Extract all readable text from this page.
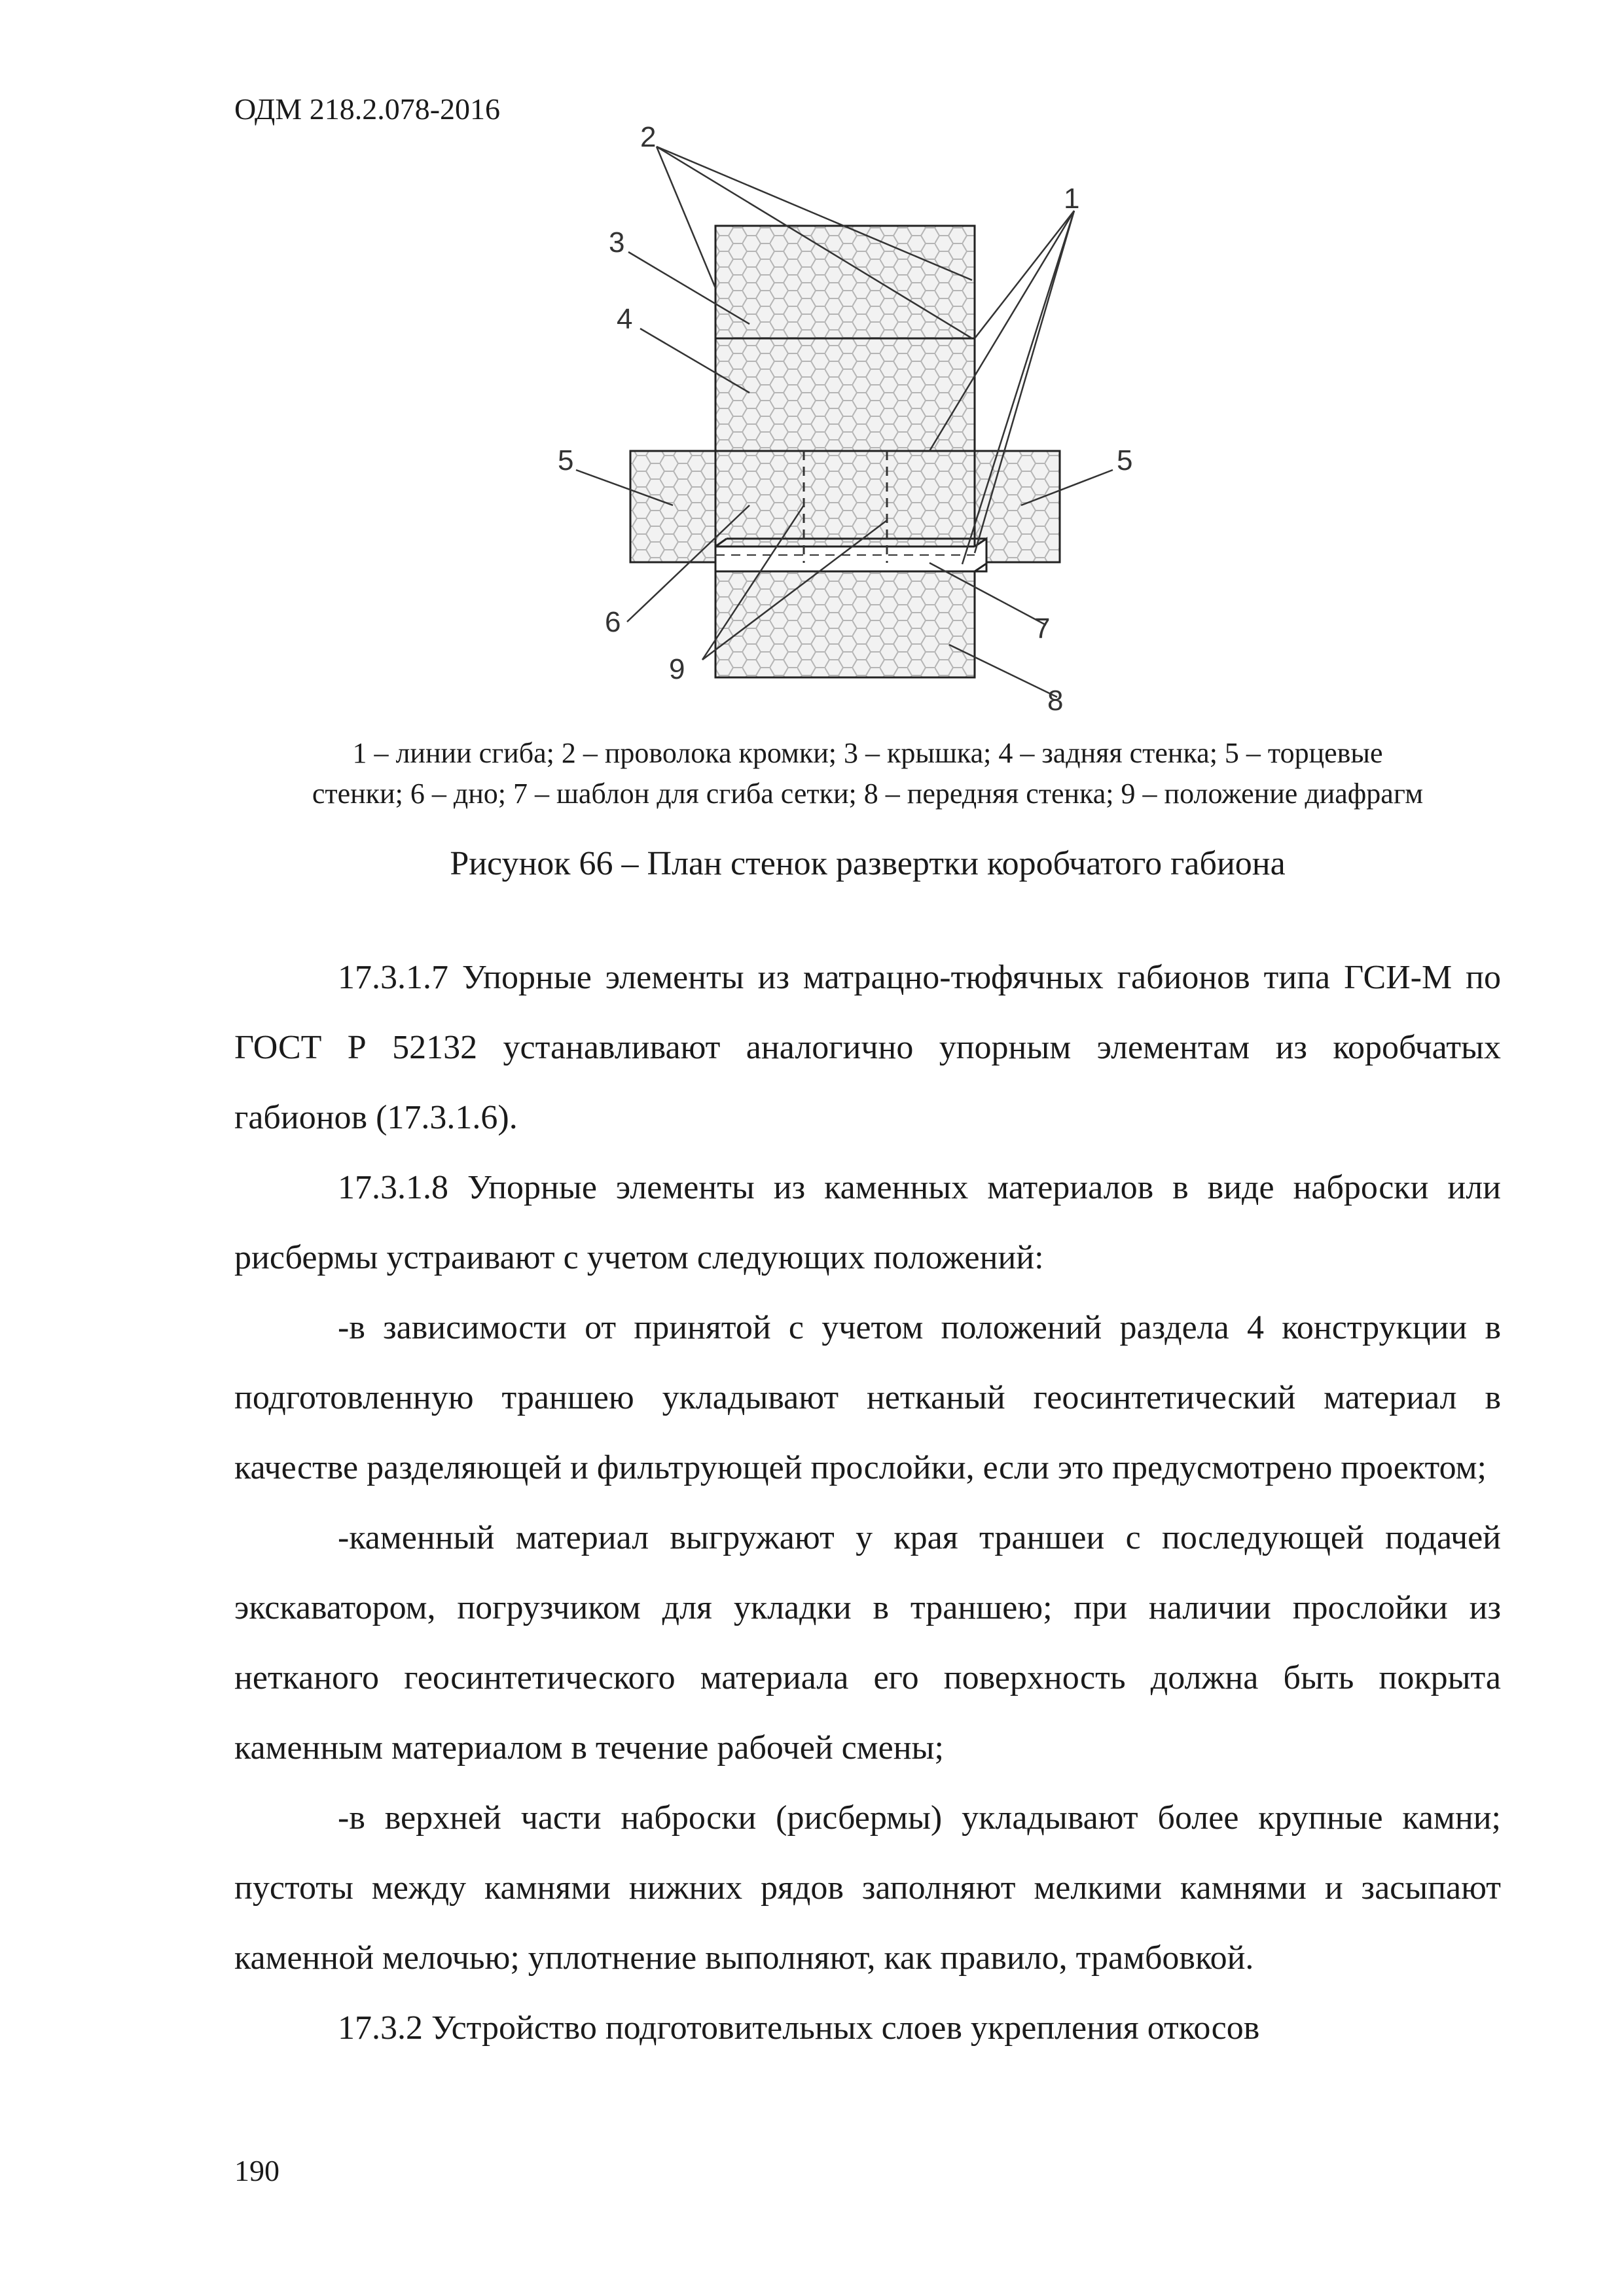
ОДМ 218.2.078-2016
2
1
3
4
5	5
6	7
9
8
1 – линии сгиба; 2 – проволока кромки; 3 – крышка; 4 – задняя стенка; 5 – торцевые
стенки; 6 – дно; 7 – шаблон для сгиба сетки; 8 – передняя стенка; 9 – положение диафрагм
Рисунок 66 – План стенок развертки коробчатого габиона

17.3.1.7 Упорные элементы из матрацно-тюфячных габионов типа ГСИ-М по ГОСТ Р 52132 устанавливают аналогично упорным элементам из коробчатых габионов (17.3.1.6).

17.3.1.8 Упорные элементы из каменных материалов в виде наброски или рисбермы устраивают с учетом следующих положений:

-в зависимости от принятой с учетом положений раздела 4 конструкции в подготовленную траншею укладывают нетканый геосинтетический материал в качестве разделяющей и фильтрующей прослойки, если это предусмотрено проектом;

-каменный материал выгружают у края траншеи с последующей подачей экскаватором, погрузчиком для укладки в траншею; при наличии прослойки из нетканого геосинтетического материала его поверхность должна быть покрыта каменным материалом в течение рабочей смены;

-в верхней части наброски (рисбермы) укладывают более крупные камни; пустоты между камнями нижних рядов заполняют мелкими камнями и засыпают каменной мелочью; уплотнение выполняют, как правило, трамбовкой.

17.3.2 Устройство подготовительных слоев укрепления откосов

190
